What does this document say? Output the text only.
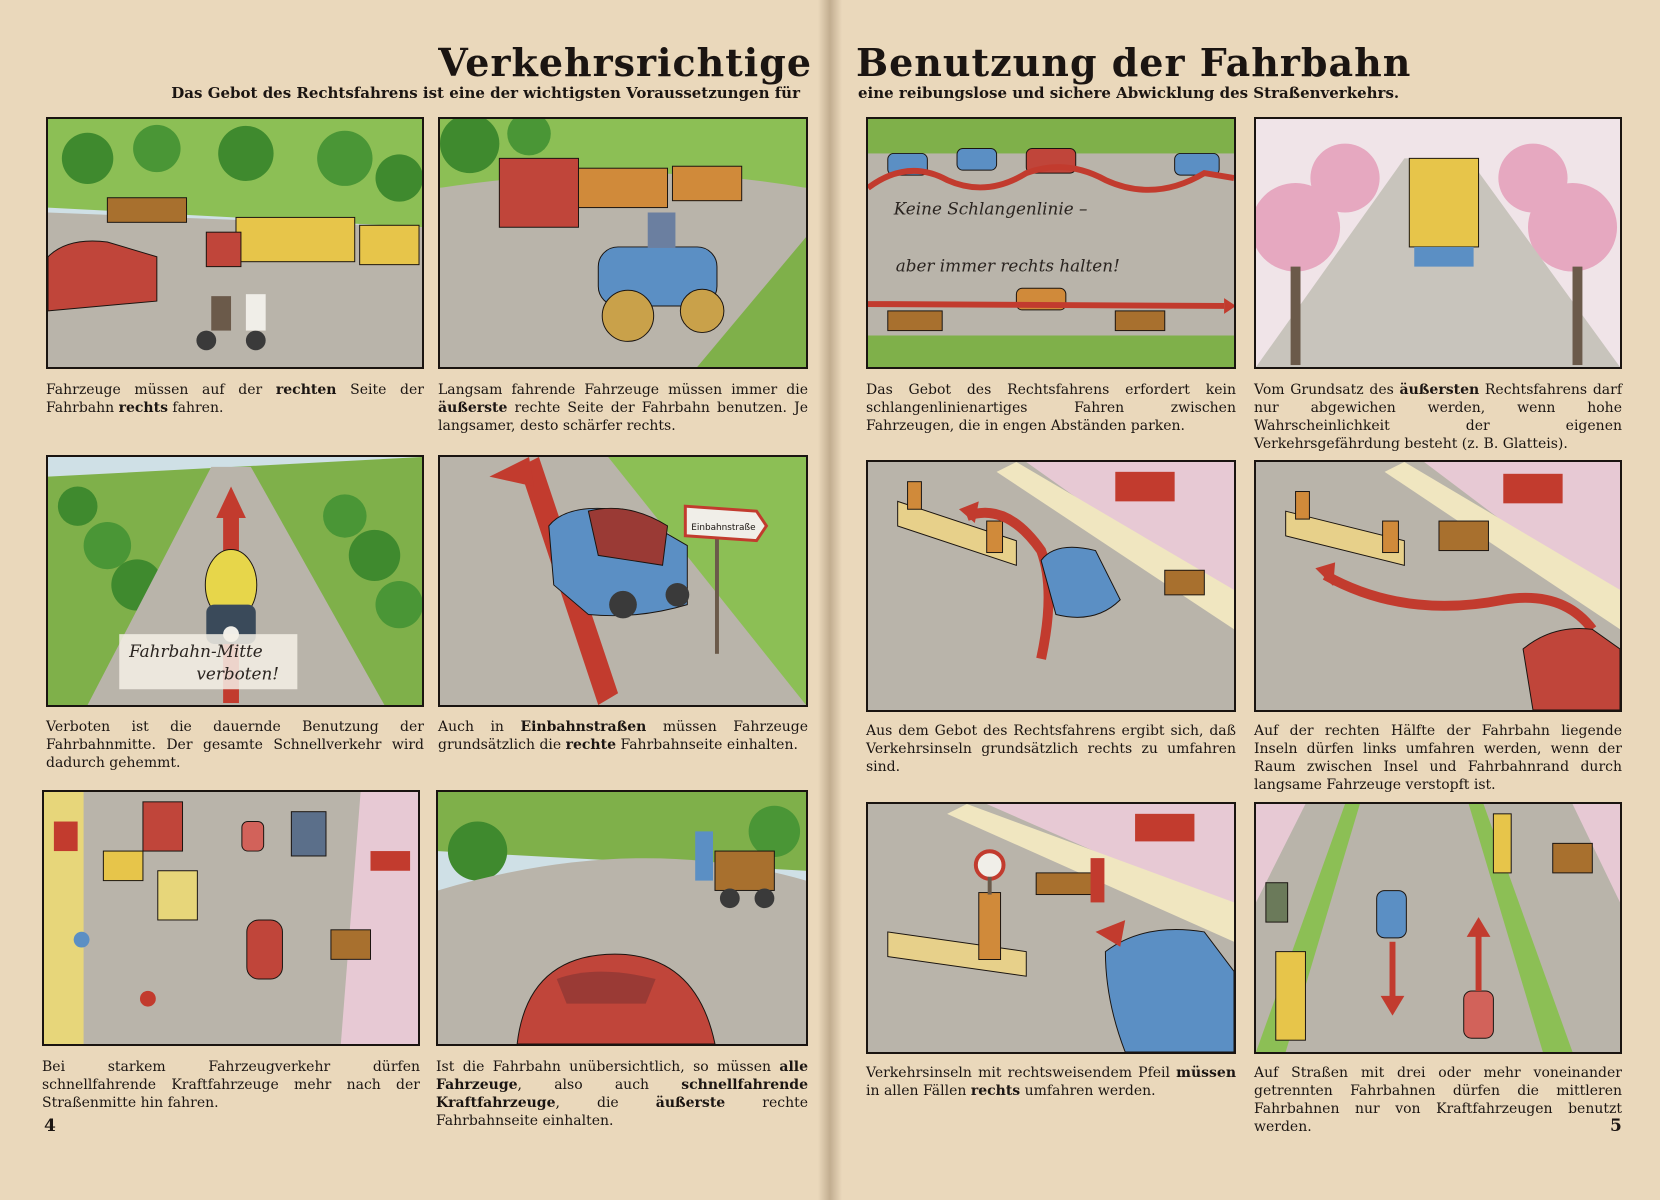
Verkehrsrichtige Benutzung der Fahrbahn
Das Gebot des Rechtsfahrens ist eine der wichtigsten Voraussetzungen für	eine reibungslose und sichere Abwicklung des Straßenverkehrs.
Fahrzeuge müssen auf der rechten Seite der Fahrbahn rechts fahren.
Langsam fahrende Fahrzeuge müssen immer die äußerste rechte Seite der Fahrbahn benutzen. Je langsamer, desto schärfer rechts.
Fahrbahn-Mitte
verboten!
Verboten ist die dauernde Benutzung der Fahrbahnmitte. Der gesamte Schnellverkehr wird dadurch gehemmt.
Einbahnstraße
Auch in Einbahnstraßen müssen Fahrzeuge grundsätzlich die rechte Fahrbahnseite einhalten.
Bei starkem Fahrzeugverkehr dürfen schnellfahrende Kraftfahrzeuge mehr nach der Straßenmitte hin fahren.
Ist die Fahrbahn unübersichtlich, so müssen alle Fahrzeuge, also auch schnellfahrende Kraftfahrzeuge, die äußerste rechte Fahrbahnseite einhalten.
4
Keine Schlangenlinie –
aber immer rechts halten!
Das Gebot des Rechtsfahrens erfordert kein schlangenlinienartiges Fahren zwischen Fahrzeugen, die in engen Abständen parken.
Vom Grundsatz des äußersten Rechtsfahrens darf nur abgewichen werden, wenn hohe Wahrscheinlichkeit der eigenen Verkehrsgefährdung besteht (z. B. Glatteis).
Aus dem Gebot des Rechtsfahrens ergibt sich, daß Verkehrsinseln grundsätzlich rechts zu umfahren sind.
Auf der rechten Hälfte der Fahrbahn liegende Inseln dürfen links umfahren werden, wenn der Raum zwischen Insel und Fahrbahnrand durch langsame Fahrzeuge verstopft ist.
Verkehrsinseln mit rechtsweisendem Pfeil müssen in allen Fällen rechts umfahren werden.
Auf Straßen mit drei oder mehr voneinander getrennten Fahrbahnen dürfen die mittleren Fahrbahnen nur von Kraftfahrzeugen benutzt werden.	5
